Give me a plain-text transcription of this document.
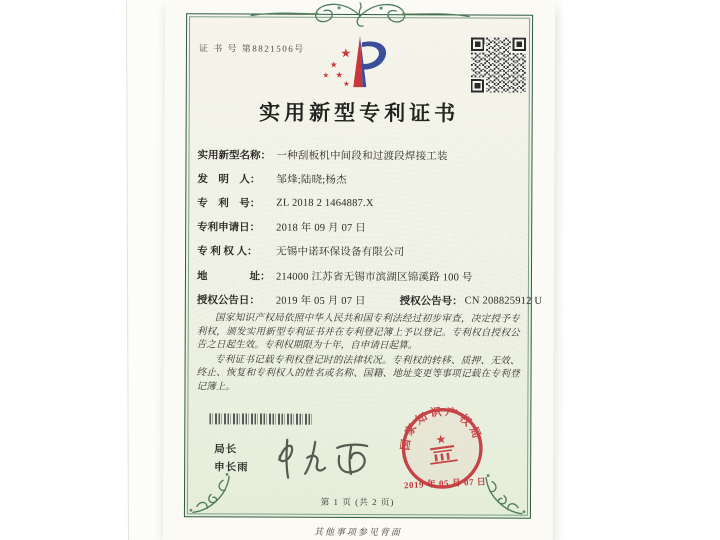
证 书 号 第8821506号	★
★
★ ★
★
实用新型专利证书
实用新型名称： 一种刮板机中间段和过渡段焊接工装
发　明　人：	邹烽;陆晓;杨杰
专　利　号：	ZL 2018 2 1464887.X
专利申请日：	2018 年 09 月 07 日
专 利 权 人：	无锡中诺环保设备有限公司
地　　　　址： 214000 江苏省无锡市滨湖区锦溪路 100 号
授权公告日：	2019 年 05 月 07 日	授权公告号： CN 208825912 U

国家知识产权局依照中华人民共和国专利法经过初步审查，决定授予专利权，颁发实用新型专利证书并在专利登记簿上予以登记。专利权自授权公告之日起生效。专利权期限为十年，自申请日起算。

专利证书记载专利权登记时的法律状况。专利权的转移、质押、无效、终止、恢复和专利权人的姓名或名称、国籍、地址变更等事项记载在专利登记簿上。

局长
申长雨
国家知识产权局
★
2019 年 05 月 07 日
第 1 页 (共 2 页)
其他事项参见背面
